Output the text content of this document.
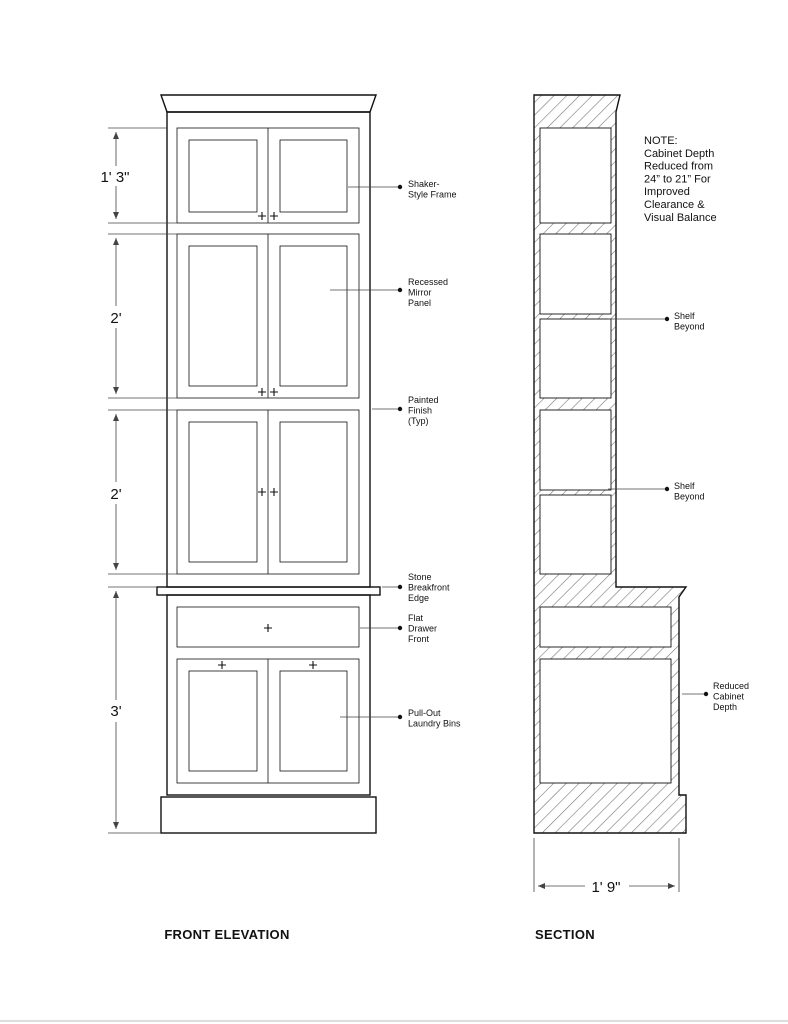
1' 3"
2'
2'
3'
Shaker-Style Frame
Recessed Mirror Panel
Painted Finish (Typ)
Stone Breakfront Edge
Flat Drawer Front
Pull-Out Laundry Bins
FRONT ELEVATION
NOTE: Cabinet Depth Reduced from 24” to 21” For Improved Clearance & Visual Balance
Shelf Beyond
Shelf Beyond
Reduced Cabinet Depth
1' 9"
SECTION
